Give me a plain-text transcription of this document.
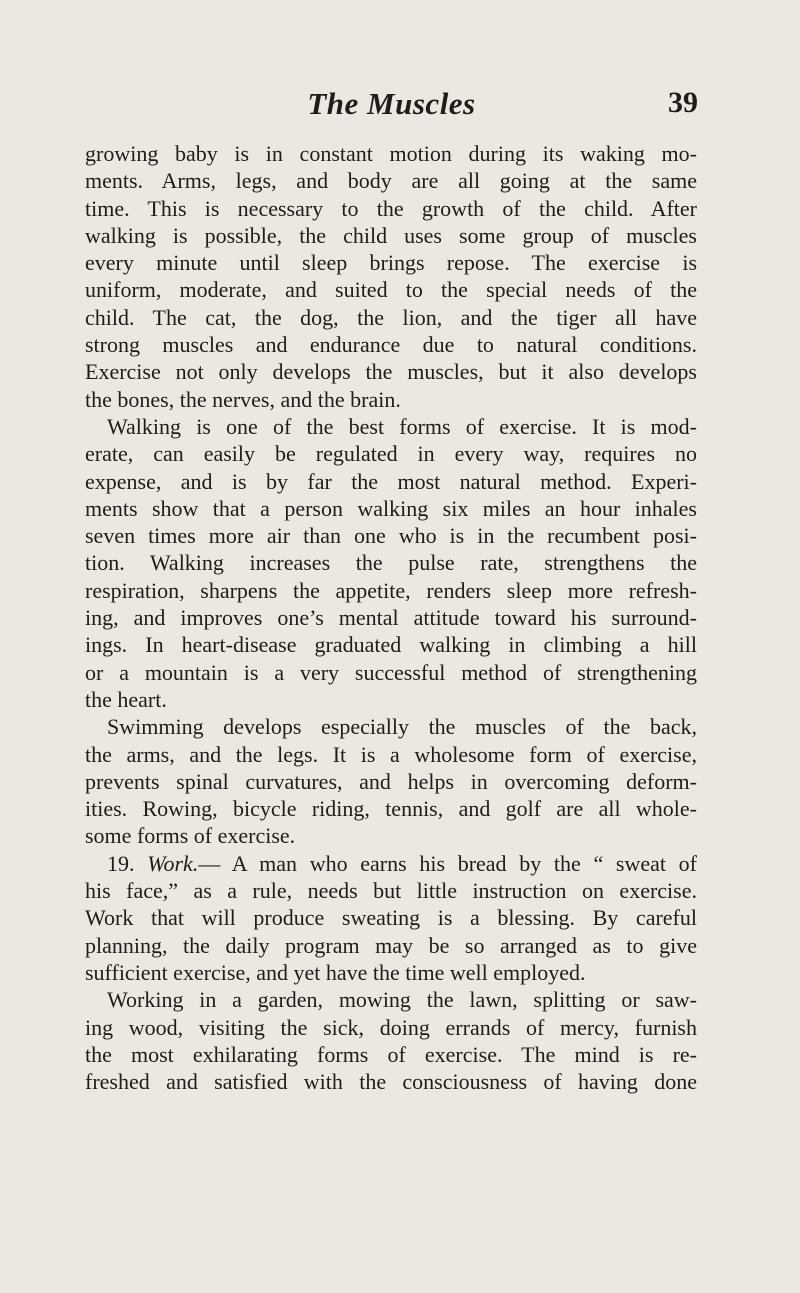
The Muscles	39
growing baby is in constant motion during its waking mo-
ments. Arms, legs, and body are all going at the same
time. This is necessary to the growth of the child. After
walking is possible, the child uses some group of muscles
every minute until sleep brings repose. The exercise is
uniform, moderate, and suited to the special needs of the
child. The cat, the dog, the lion, and the tiger all have
strong muscles and endurance due to natural conditions.
Exercise not only develops the muscles, but it also develops
the bones, the nerves, and the brain.
Walking is one of the best forms of exercise. It is mod-
erate, can easily be regulated in every way, requires no
expense, and is by far the most natural method. Experi-
ments show that a person walking six miles an hour inhales
seven times more air than one who is in the recumbent posi-
tion. Walking increases the pulse rate, strengthens the
respiration, sharpens the appetite, renders sleep more refresh-
ing, and improves one’s mental attitude toward his surround-
ings. In heart-disease graduated walking in climbing a hill
or a mountain is a very successful method of strengthening
the heart.
Swimming develops especially the muscles of the back,
the arms, and the legs. It is a wholesome form of exercise,
prevents spinal curvatures, and helps in overcoming deform-
ities. Rowing, bicycle riding, tennis, and golf are all whole-
some forms of exercise.
19. Work.— A man who earns his bread by the “ sweat of
his face,” as a rule, needs but little instruction on exercise.
Work that will produce sweating is a blessing. By careful
planning, the daily program may be so arranged as to give
sufficient exercise, and yet have the time well employed.
Working in a garden, mowing the lawn, splitting or saw-
ing wood, visiting the sick, doing errands of mercy, furnish
the most exhilarating forms of exercise. The mind is re-
freshed and satisfied with the consciousness of having done
